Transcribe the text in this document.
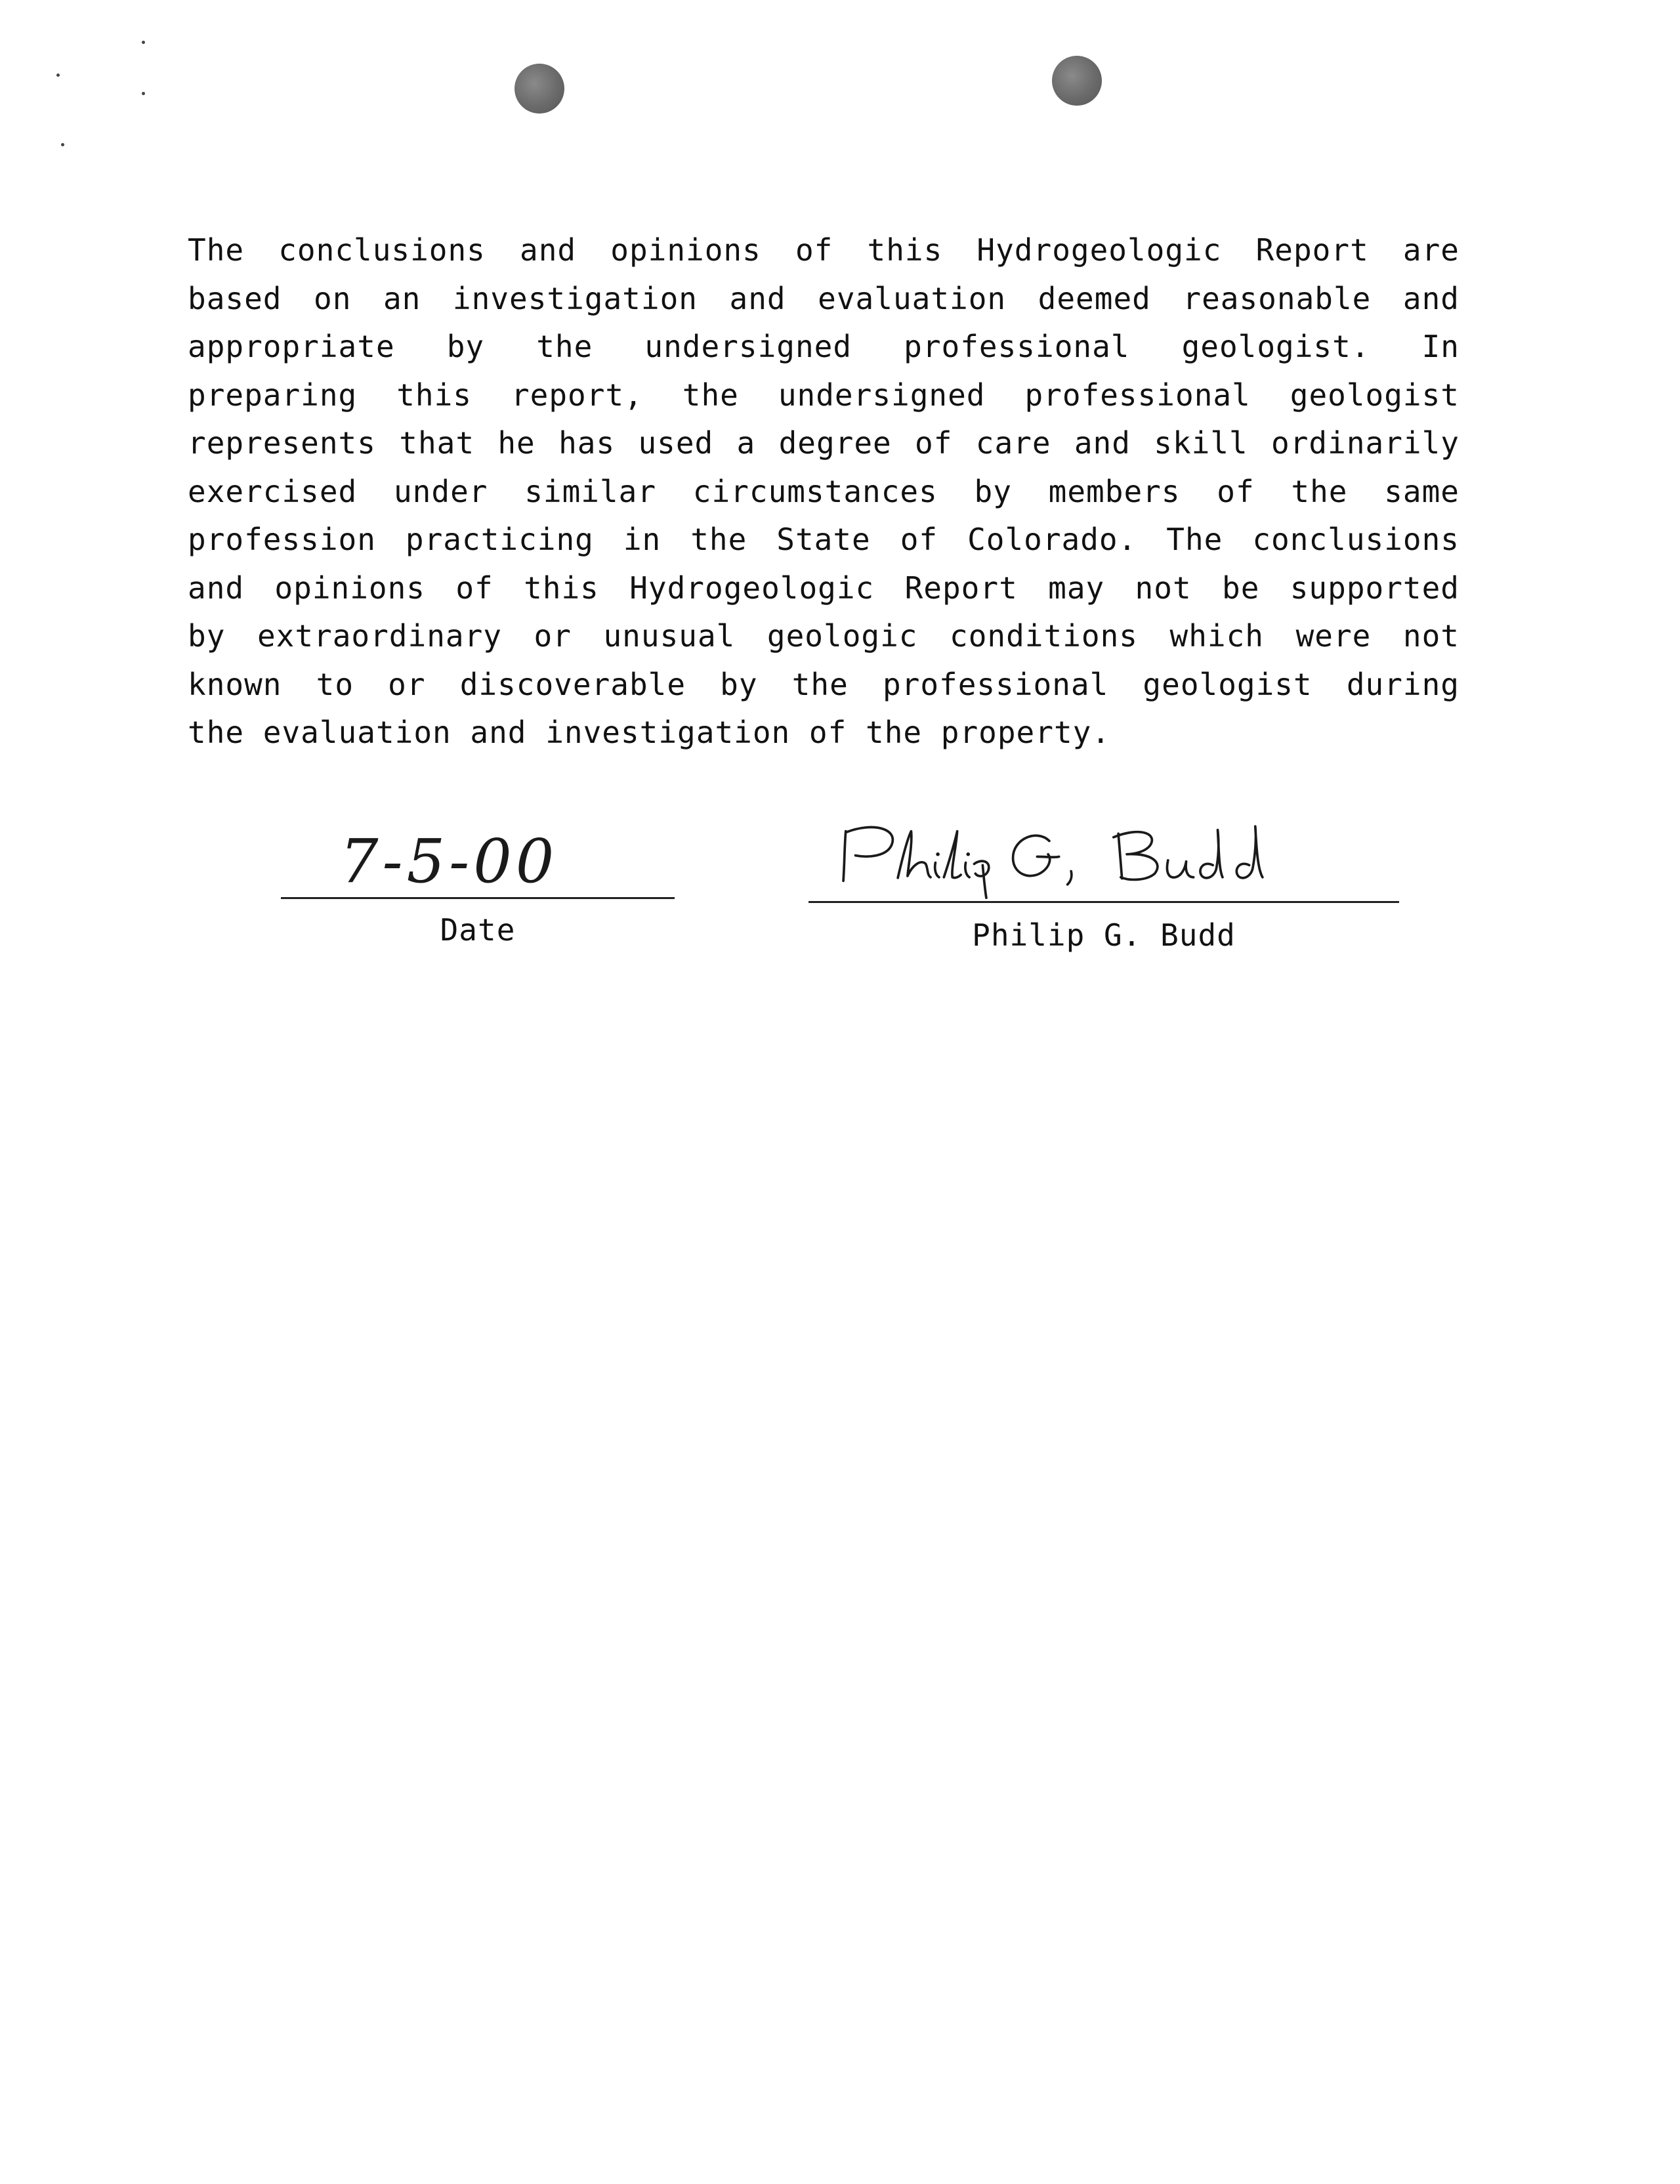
The conclusions and opinions of this Hydrogeologic Report are
based on an investigation and evaluation deemed reasonable and
appropriate by the undersigned professional geologist. In
preparing this report, the undersigned professional geologist
represents that he has used a degree of care and skill ordinarily
exercised under similar circumstances by members of the same
profession practicing in the State of Colorado. The conclusions
and opinions of this Hydrogeologic Report may not be supported
by extraordinary or unusual geologic conditions which were not
known to or discoverable by the professional geologist during
the evaluation and investigation of the property.
7-5-00
Date	Philip G. Budd
